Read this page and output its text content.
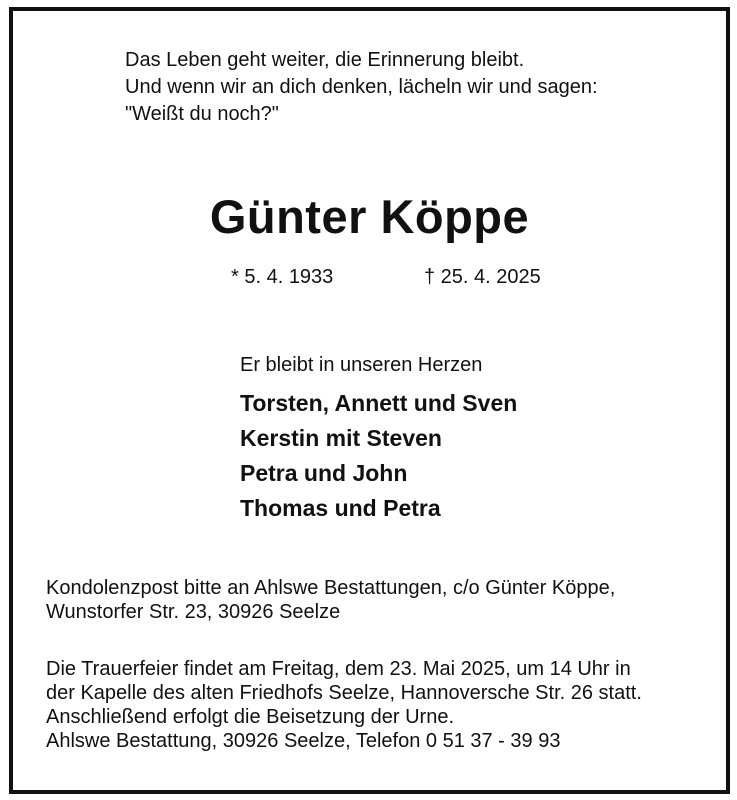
Das Leben geht weiter, die Erinnerung bleibt.
Und wenn wir an dich denken, lächeln wir und sagen:
"Weißt du noch?"
Günter Köppe
* 5. 4. 1933	† 25. 4. 2025
Er bleibt in unseren Herzen
Torsten, Annett und Sven
Kerstin mit Steven
Petra und John
Thomas und Petra
Kondolenzpost bitte an Ahlswe Bestattungen, c/o Günter Köppe,
Wunstorfer Str. 23, 30926 Seelze
Die Trauerfeier findet am Freitag, dem 23. Mai 2025, um 14 Uhr in
der Kapelle des alten Friedhofs Seelze, Hannoversche Str. 26 statt.
Anschließend erfolgt die Beisetzung der Urne.
Ahlswe Bestattung, 30926 Seelze, Telefon 0 51 37 - 39 93
